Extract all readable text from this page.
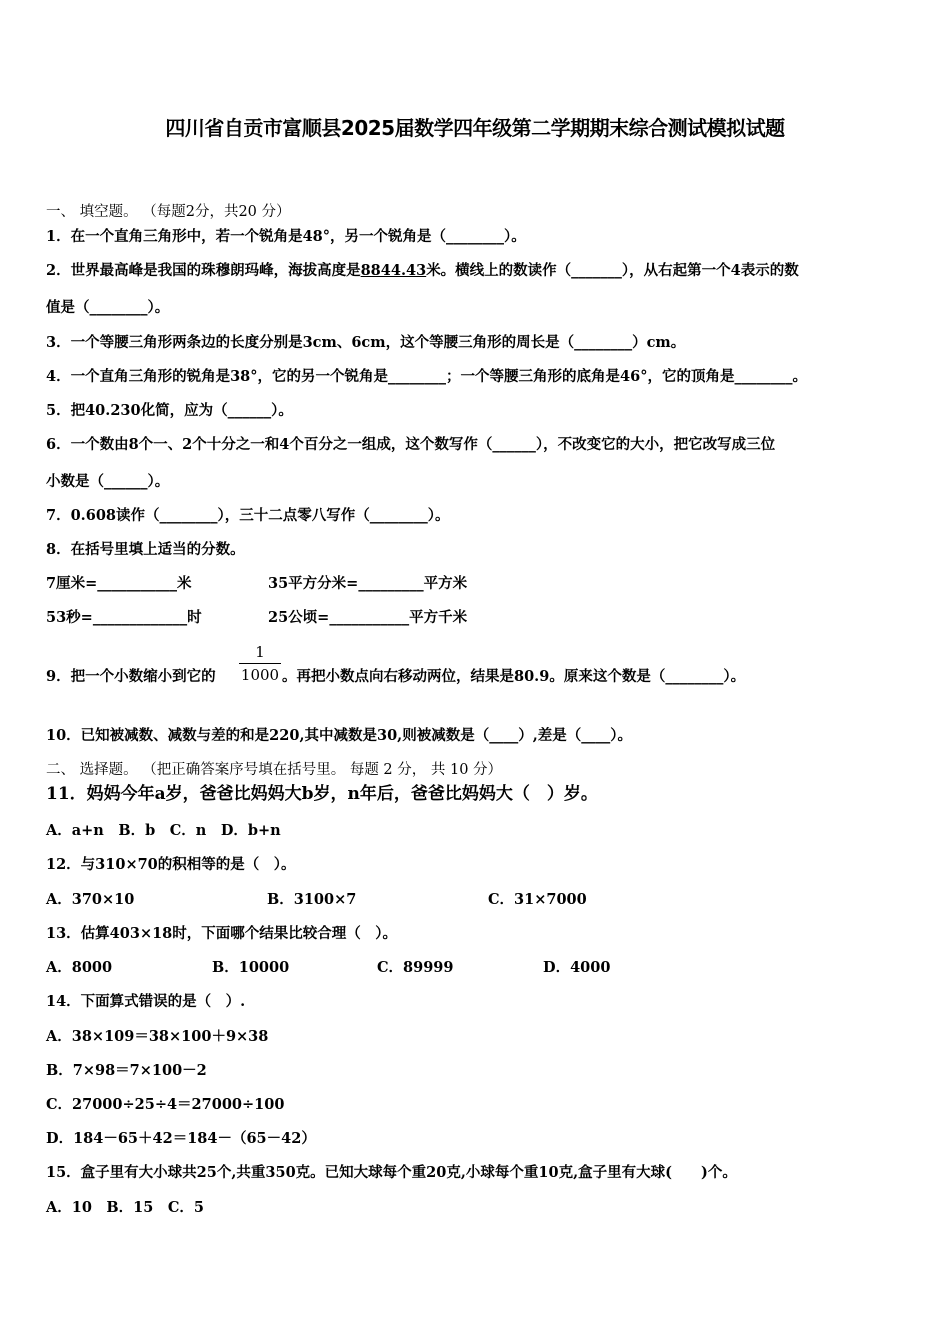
四川省自贡市富顺县2025届数学四年级第二学期期末综合测试模拟试题
一、 填空题。 （每题2分，共20 分）
1．在一个直角三角形中，若一个锐角是48°，另一个锐角是（________）。
2．世界最高峰是我国的珠穆朗玛峰，海拔高度是8844.43米。横线上的数读作（_______），从右起第一个4表示的数
值是（________）。
3．一个等腰三角形两条边的长度分别是3cm、6cm，这个等腰三角形的周长是（________）cm。
4．一个直角三角形的锐角是38°，它的另一个锐角是________；一个等腰三角形的底角是46°，它的顶角是________。
5．把40.230化简，应为（______）。
6．一个数由8个一、2个十分之一和4个百分之一组成，这个数写作（______），不改变它的大小，把它改写成三位
小数是（______）。
7．0.608读作（________），三十二点零八写作（________）。
8．在括号里填上适当的分数。
7厘米=___________米	35平方分米=_________平方米
53秒=_____________时	25公顷=___________平方千米
9．把一个小数缩小到它的
1
1000 。再把小数点向右移动两位，结果是80.9。原来这个数是（________）。
10．已知被减数、减数与差的和是220,其中减数是30,则被减数是（____）,差是（____）。
二、 选择题。 （把正确答案序号填在括号里。 每题 2 分， 共 10 分）
11．妈妈今年a岁，爸爸比妈妈大b岁，n年后，爸爸比妈妈大（　）岁。
A．a+n　B．b　C．n　D．b+n
12．与310×70的积相等的是（　）。
A．370×10	B．3100×7	C．31×7000
13．估算403×18时，下面哪个结果比较合理（　）。
A．8000	B．10000	C．89999	D．4000
14．下面算式错误的是（　）.
A．38×109＝38×100＋9×38
B．7×98＝7×100－2
C．27000÷25÷4＝27000÷100
D．184－65＋42＝184－（65－42）
15．盒子里有大小球共25个,共重350克。已知大球每个重20克,小球每个重10克,盒子里有大球(　　)个。
A．10　B．15　C．5
